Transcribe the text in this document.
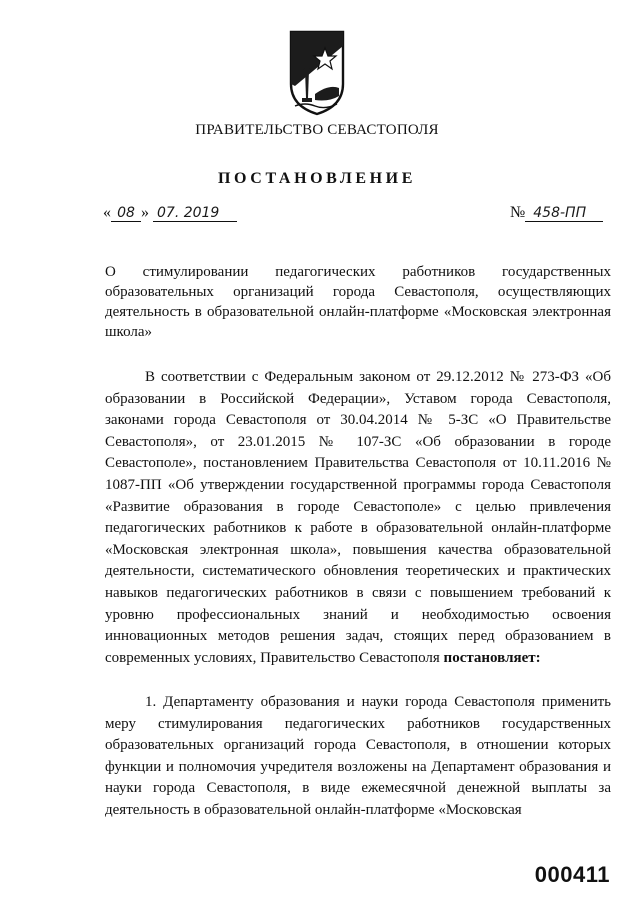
ПРАВИТЕЛЬСТВО СЕВАСТОПОЛЯ
ПОСТАНОВЛЕНИЕ
« 08 » 07. 2019	№ 458-ПП
О стимулировании педагогических работников государственных образовательных организаций города Севастополя, осуществляющих деятельность в образовательной онлайн-платформе «Московская электронная школа»
В соответствии с Федеральным законом от 29.12.2012 № 273-ФЗ «Об образовании в Российской Федерации», Уставом города Севастополя, законами города Севастополя от 30.04.2014 № 5-ЗС «О Правительстве Севастополя», от 23.01.2015 № 107-ЗС «Об образовании в городе Севастополе», постановлением Правительства Севастополя от 10.11.2016 № 1087-ПП «Об утверждении государственной программы города Севастополя «Развитие образования в городе Севастополе» с целью привлечения педагогических работников к работе в образовательной онлайн-платформе «Московская электронная школа», повышения качества образовательной деятельности, систематического обновления теоретических и практических навыков педагогических работников в связи с повышением требований к уровню профессиональных знаний и необходимостью освоения инновационных методов решения задач, стоящих перед образованием в современных условиях, Правительство Севастополя постановляет:
1. Департаменту образования и науки города Севастополя применить меру стимулирования педагогических работников государственных образовательных организаций города Севастополя, в отношении которых функции и полномочия учредителя возложены на Департамент образования и науки города Севастополя, в виде ежемесячной денежной выплаты за деятельность в образовательной онлайн-платформе «Московская
000411
